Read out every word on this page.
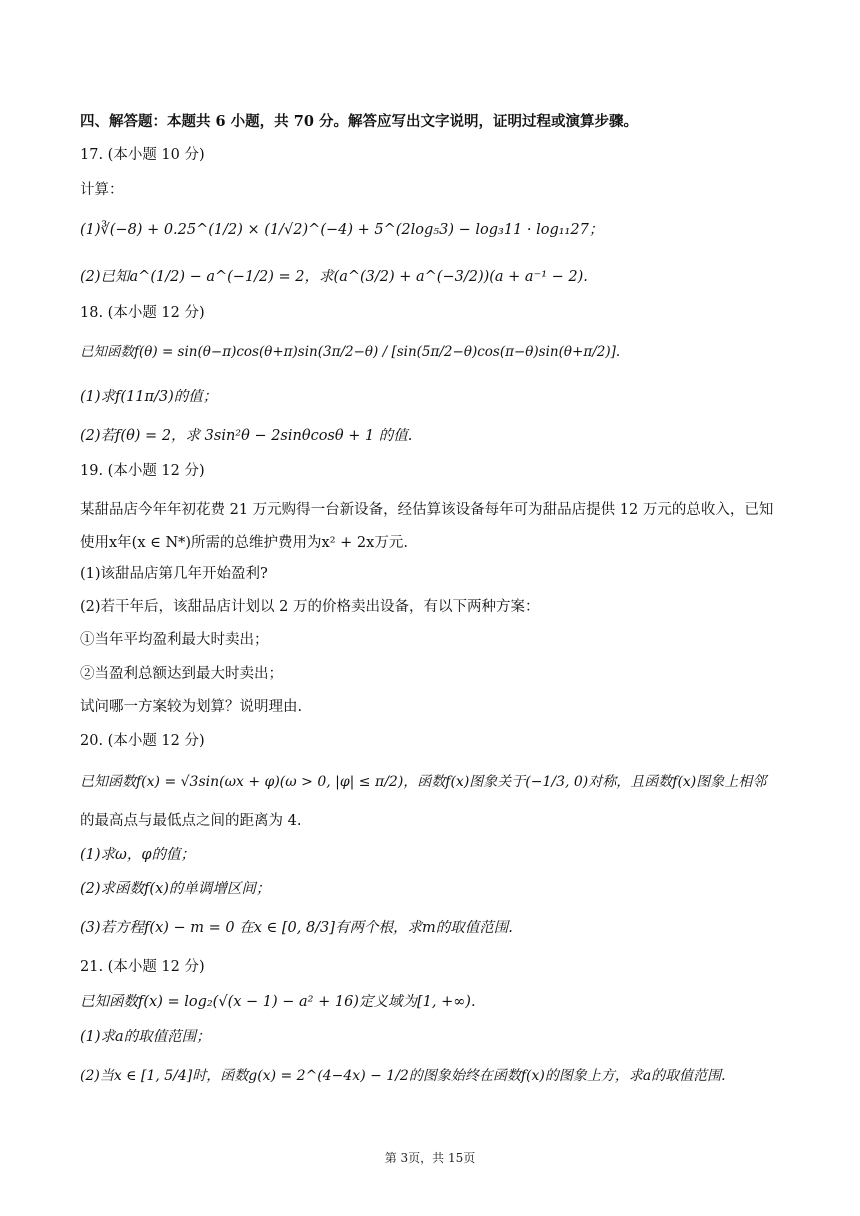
四、解答题：本题共 6 小题，共 70 分。解答应写出文字说明，证明过程或演算步骤。
17. (本小题 10 分)
计算：
(1)∛(−8) + 0.25^(1/2) × (1/√2)^(−4) + 5^(2log₅3) − log₃11 · log₁₁27；
(2)已知a^(1/2) − a^(−1/2) = 2，求(a^(3/2) + a^(−3/2))(a + a⁻¹ − 2).
18. (本小题 12 分)
已知函数f(θ) = sin(θ−π)cos(θ+π)sin(3π/2−θ) / [sin(5π/2−θ)cos(π−θ)sin(θ+π/2)].
(1)求f(11π/3)的值；
(2)若f(θ) = 2，求 3sin²θ − 2sinθcosθ + 1 的值.
19. (本小题 12 分)
某甜品店今年年初花费 21 万元购得一台新设备，经估算该设备每年可为甜品店提供 12 万元的总收入，已知使用x年(x ∈ N*)所需的总维护费用为x² + 2x万元.
(1)该甜品店第几年开始盈利?
(2)若干年后，该甜品店计划以 2 万的价格卖出设备，有以下两种方案：
①当年平均盈利最大时卖出；
②当盈利总额达到最大时卖出；
试问哪一方案较为划算？说明理由.
20. (本小题 12 分)
已知函数f(x) = √3sin(ωx + φ)(ω > 0, |φ| ≤ π/2)，函数f(x)图象关于(−1/3, 0)对称，且函数f(x)图象上相邻
的最高点与最低点之间的距离为 4.
(1)求ω，φ的值；
(2)求函数f(x)的单调增区间；
(3)若方程f(x) − m = 0 在x ∈ [0, 8/3]有两个根，求m的取值范围.
21. (本小题 12 分)
已知函数f(x) = log₂(√(x − 1) − a² + 16)定义域为[1, +∞).
(1)求a的取值范围；
(2)当x ∈ [1, 5/4]时，函数g(x) = 2^(4−4x) − 1/2的图象始终在函数f(x)的图象上方，求a的取值范围.
第 3页，共 15页
